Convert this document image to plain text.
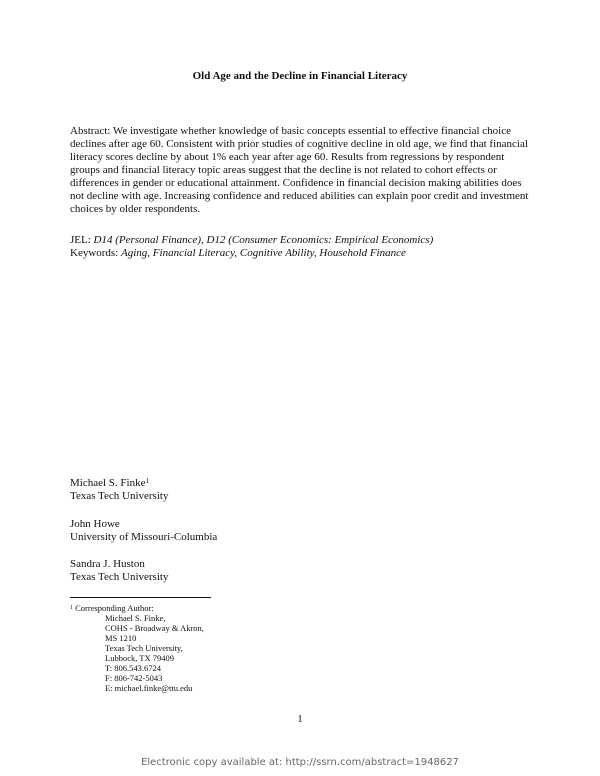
Old Age and the Decline in Financial Literacy

Abstract: We investigate whether knowledge of basic concepts essential to effective financial choice declines after age 60. Consistent with prior studies of cognitive decline in old age, we find that financial literacy scores decline by about 1% each year after age 60. Results from regressions by respondent groups and financial literacy topic areas suggest that the decline is not related to cohort effects or differences in gender or educational attainment. Confidence in financial decision making abilities does not decline with age. Increasing confidence and reduced abilities can explain poor credit and investment choices by older respondents.

JEL: D14 (Personal Finance), D12 (Consumer Economics: Empirical Economics)
Keywords: Aging, Financial Literacy, Cognitive Ability, Household Finance
Michael S. Finke$^1$
Texas Tech University
John Howe
University of Missouri-Columbia
Sandra J. Huston
Texas Tech University
$^1$ Corresponding Author:
Michael S. Finke,
COHS - Broadway & Akron,
MS 1210
Texas Tech University,
Lubbock, TX 79409
T: 806.543.6724
F: 806-742-5043
E: michael.finke@ttu.edu
1
Electronic copy available at: http://ssrn.com/abstract=1948627
